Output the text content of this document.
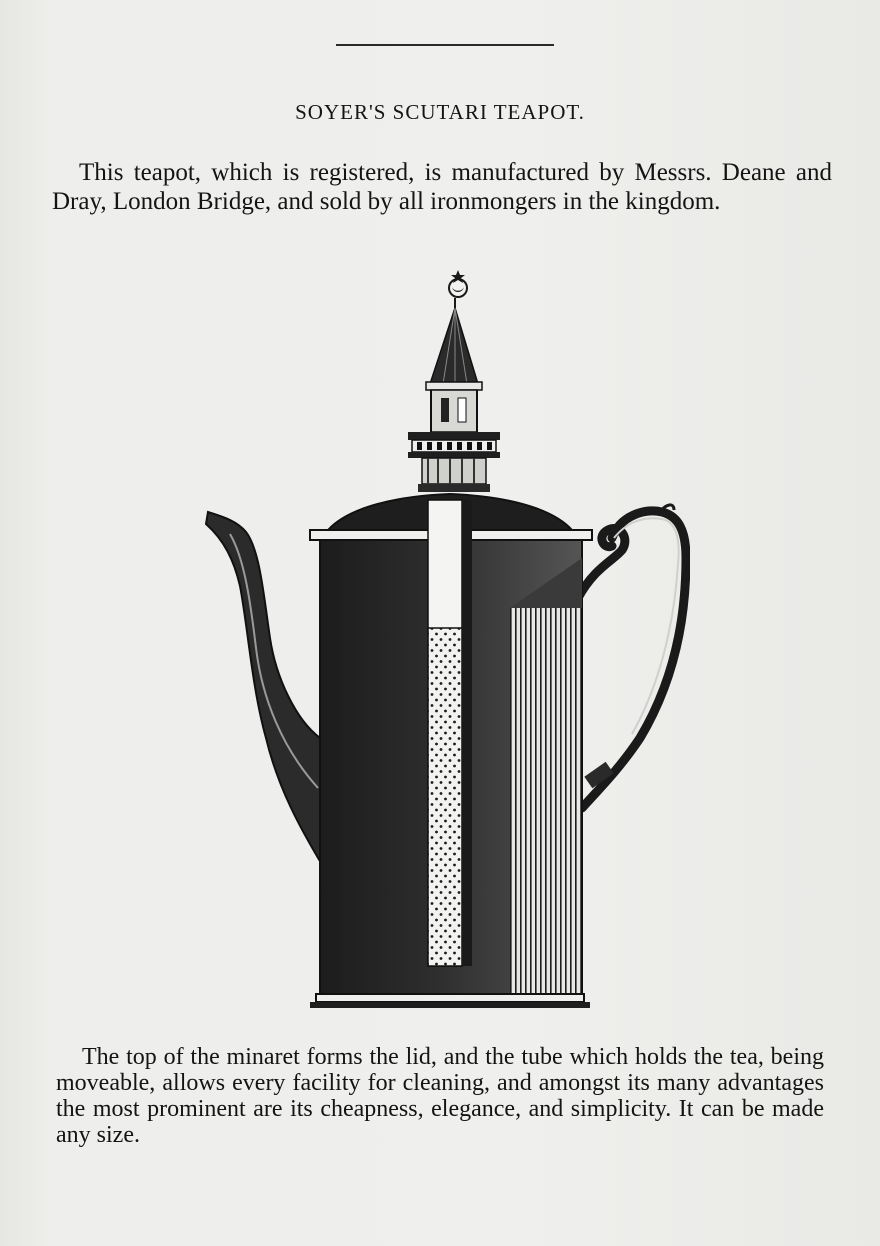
SOYER'S SCUTARI TEAPOT.
This teapot, which is registered, is manufactured by Messrs. Deane and Dray, London Bridge, and sold by all ironmongers in the kingdom.
The top of the minaret forms the lid, and the tube which holds the tea, being moveable, allows every facility for cleaning, and amongst its many advantages the most prominent are its cheapness, elegance, and simplicity. It can be made any size.
